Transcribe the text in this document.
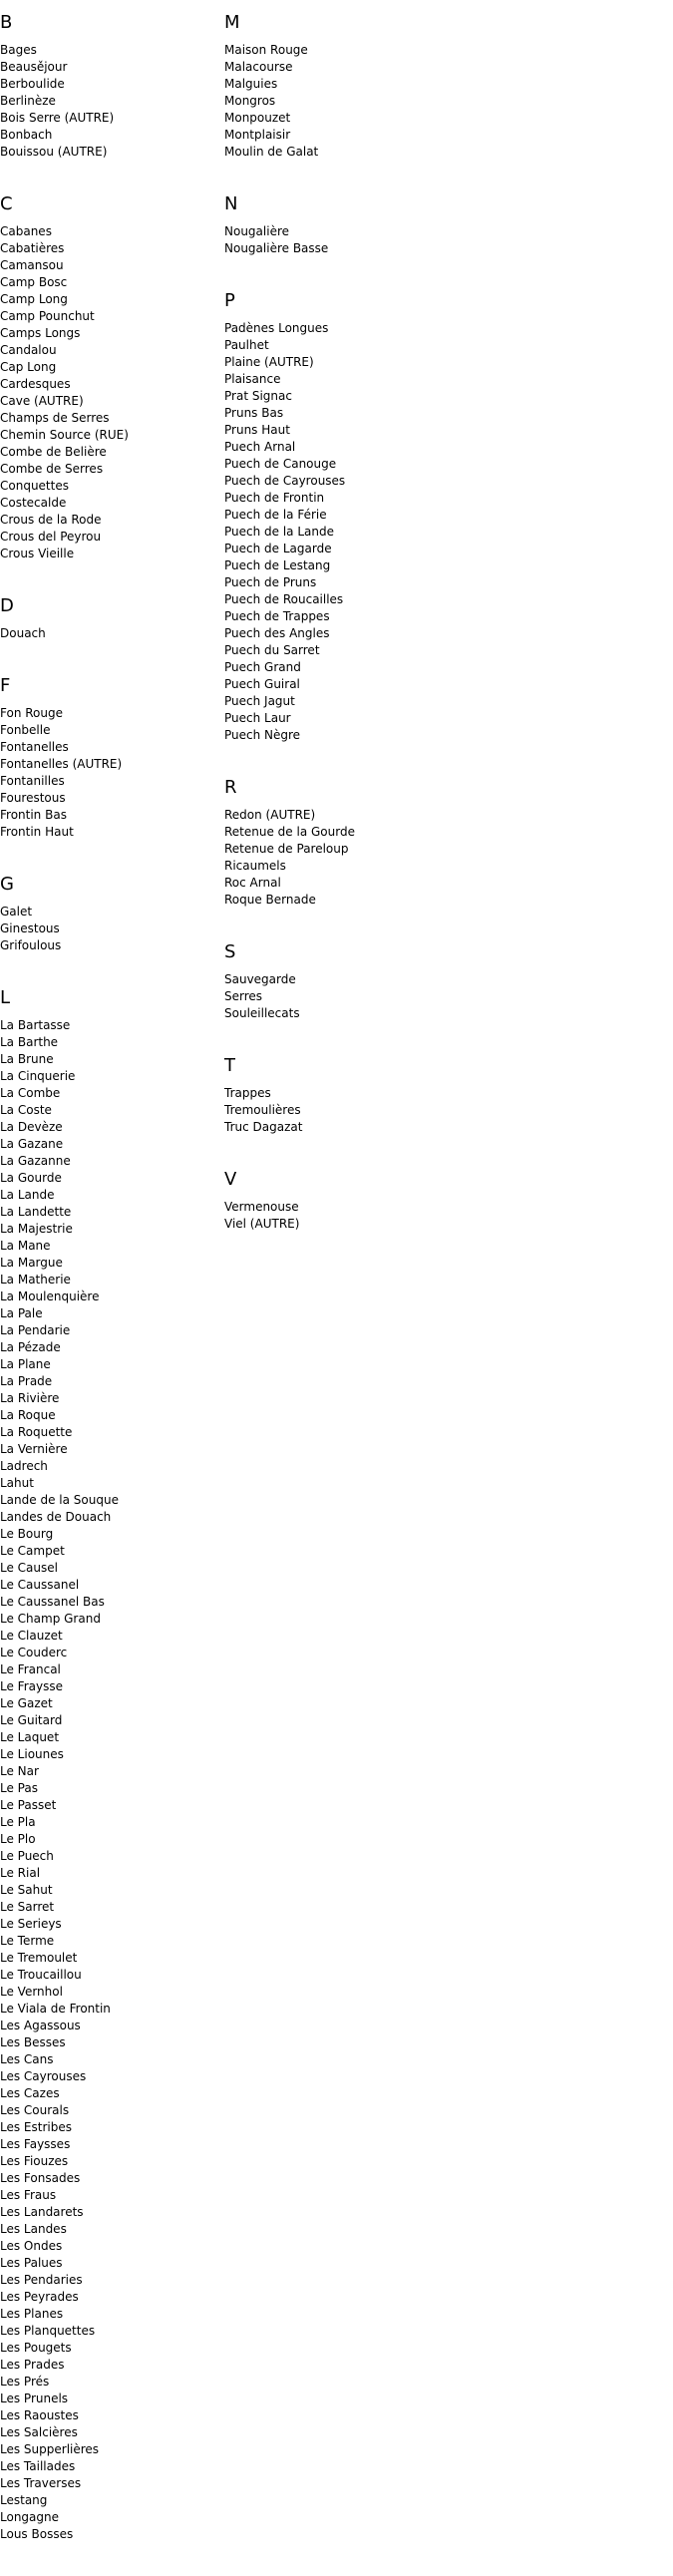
B
Bages
Beausějour
Berboulide
Berlinèze
Bois Serre (AUTRE)
Bonbach
Bouissou (AUTRE)
C
Cabanes
Cabatières
Camansou
Camp Bosc
Camp Long
Camp Pounchut
Camps Longs
Candalou
Cap Long
Cardesques
Cave (AUTRE)
Champs de Serres
Chemin Source (RUE)
Combe de Belière
Combe de Serres
Conquettes
Costecalde
Crous de la Rode
Crous del Peyrou
Crous Vieille
D
Douach
F
Fon Rouge
Fonbelle
Fontanelles
Fontanelles (AUTRE)
Fontanilles
Fourestous
Frontin Bas
Frontin Haut
G
Galet
Ginestous
Grifoulous
L
La Bartasse
La Barthe
La Brune
La Cinquerie
La Combe
La Coste
La Devèze
La Gazane
La Gazanne
La Gourde
La Lande
La Landette
La Majestrie
La Mane
La Margue
La Matherie
La Moulenquière
La Pale
La Pendarie
La Pézade
La Plane
La Prade
La Rivière
La Roque
La Roquette
La Vernière
Ladrech
Lahut
Lande de la Souque
Landes de Douach
Le Bourg
Le Campet
Le Causel
Le Caussanel
Le Caussanel Bas
Le Champ Grand
Le Clauzet
Le Couderc
Le Francal
Le Fraysse
Le Gazet
Le Guitard
Le Laquet
Le Liounes
Le Nar
Le Pas
Le Passet
Le Pla
Le Plo
Le Puech
Le Rial
Le Sahut
Le Sarret
Le Serieys
Le Terme
Le Tremoulet
Le Troucaillou
Le Vernhol
Le Viala de Frontin
Les Agassous
Les Besses
Les Cans
Les Cayrouses
Les Cazes
Les Courals
Les Estribes
Les Faysses
Les Fiouzes
Les Fonsades
Les Fraus
Les Landarets
Les Landes
Les Ondes
Les Palues
Les Pendaries
Les Peyrades
Les Planes
Les Planquettes
Les Pougets
Les Prades
Les Prés
Les Prunels
Les Raoustes
Les Salcières
Les Supperlières
Les Taillades
Les Traverses
Lestang
Longagne
Lous Bosses
M
Maison Rouge
Malacourse
Malguies
Mongros
Monpouzet
Montplaisir
Moulin de Galat
N
Nougalière
Nougalière Basse
P
Padènes Longues
Paulhet
Plaine (AUTRE)
Plaisance
Prat Signac
Pruns Bas
Pruns Haut
Puech Arnal
Puech de Canouge
Puech de Cayrouses
Puech de Frontin
Puech de la Férie
Puech de la Lande
Puech de Lagarde
Puech de Lestang
Puech de Pruns
Puech de Roucailles
Puech de Trappes
Puech des Angles
Puech du Sarret
Puech Grand
Puech Guiral
Puech Jagut
Puech Laur
Puech Nègre
R
Redon (AUTRE)
Retenue de la Gourde
Retenue de Pareloup
Ricaumels
Roc Arnal
Roque Bernade
S
Sauvegarde
Serres
Souleillecats
T
Trappes
Tremoulières
Truc Dagazat
V
Vermenouse
Viel (AUTRE)
